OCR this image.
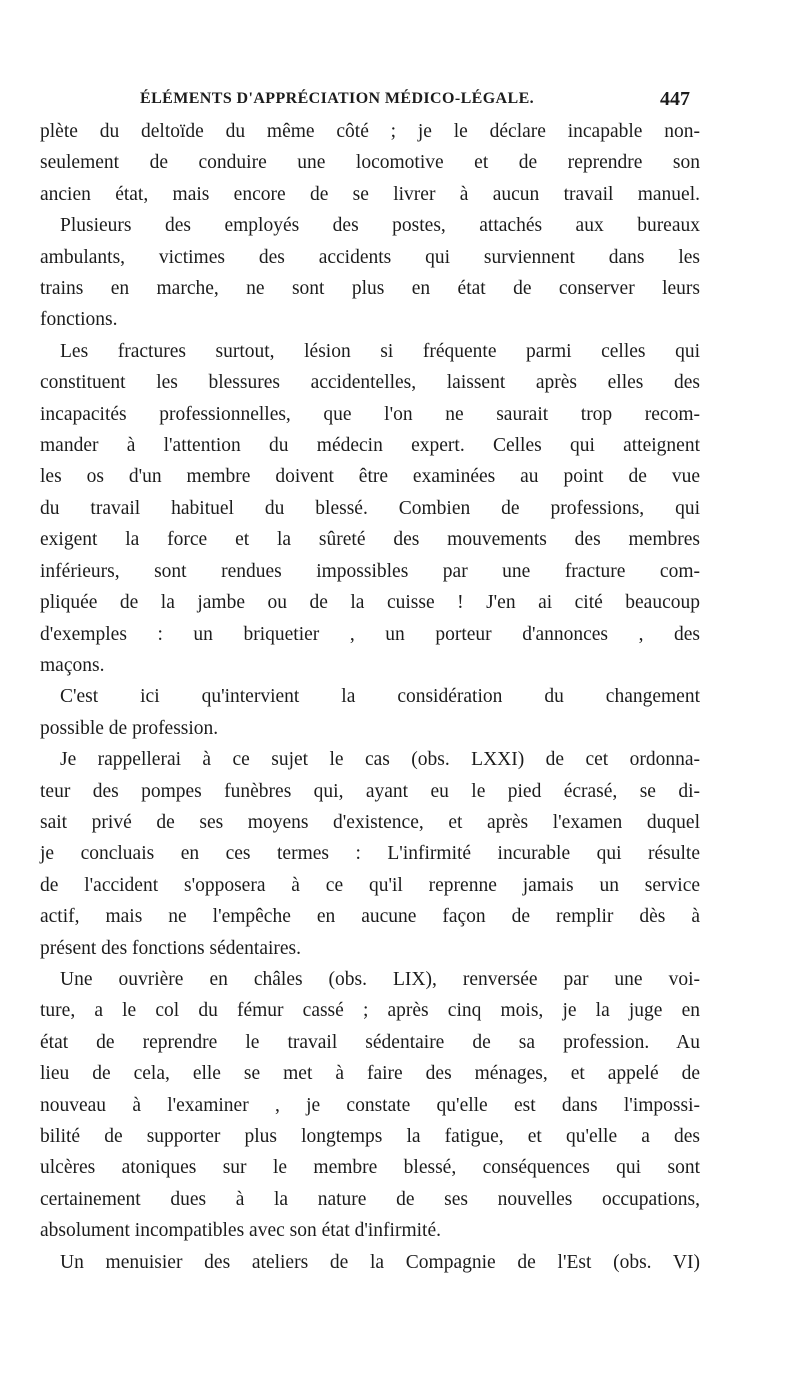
ÉLÉMENTS D'APPRÉCIATION MÉDICO-LÉGALE.	447
plète du deltoïde du même côté ; je le déclare incapable non-
seulement de conduire une locomotive et de reprendre son
ancien état, mais encore de se livrer à aucun travail manuel.
Plusieurs des employés des postes, attachés aux bureaux
ambulants, victimes des accidents qui surviennent dans les
trains en marche, ne sont plus en état de conserver leurs
fonctions.
Les fractures surtout, lésion si fréquente parmi celles qui
constituent les blessures accidentelles, laissent après elles des
incapacités professionnelles, que l'on ne saurait trop recom-
mander à l'attention du médecin expert. Celles qui atteignent
les os d'un membre doivent être examinées au point de vue
du travail habituel du blessé. Combien de professions, qui
exigent la force et la sûreté des mouvements des membres
inférieurs, sont rendues impossibles par une fracture com-
pliquée de la jambe ou de la cuisse ! J'en ai cité beaucoup
d'exemples : un briquetier , un porteur d'annonces , des
maçons.
C'est ici qu'intervient la considération du changement
possible de profession.
Je rappellerai à ce sujet le cas (obs. LXXI) de cet ordonna-
teur des pompes funèbres qui, ayant eu le pied écrasé, se di-
sait privé de ses moyens d'existence, et après l'examen duquel
je concluais en ces termes : L'infirmité incurable qui résulte
de l'accident s'opposera à ce qu'il reprenne jamais un service
actif, mais ne l'empêche en aucune façon de remplir dès à
présent des fonctions sédentaires.
Une ouvrière en châles (obs. LIX), renversée par une voi-
ture, a le col du fémur cassé ; après cinq mois, je la juge en
état de reprendre le travail sédentaire de sa profession. Au
lieu de cela, elle se met à faire des ménages, et appelé de
nouveau à l'examiner , je constate qu'elle est dans l'impossi-
bilité de supporter plus longtemps la fatigue, et qu'elle a des
ulcères atoniques sur le membre blessé, conséquences qui sont
certainement dues à la nature de ses nouvelles occupations,
absolument incompatibles avec son état d'infirmité.
Un menuisier des ateliers de la Compagnie de l'Est (obs. VI)
